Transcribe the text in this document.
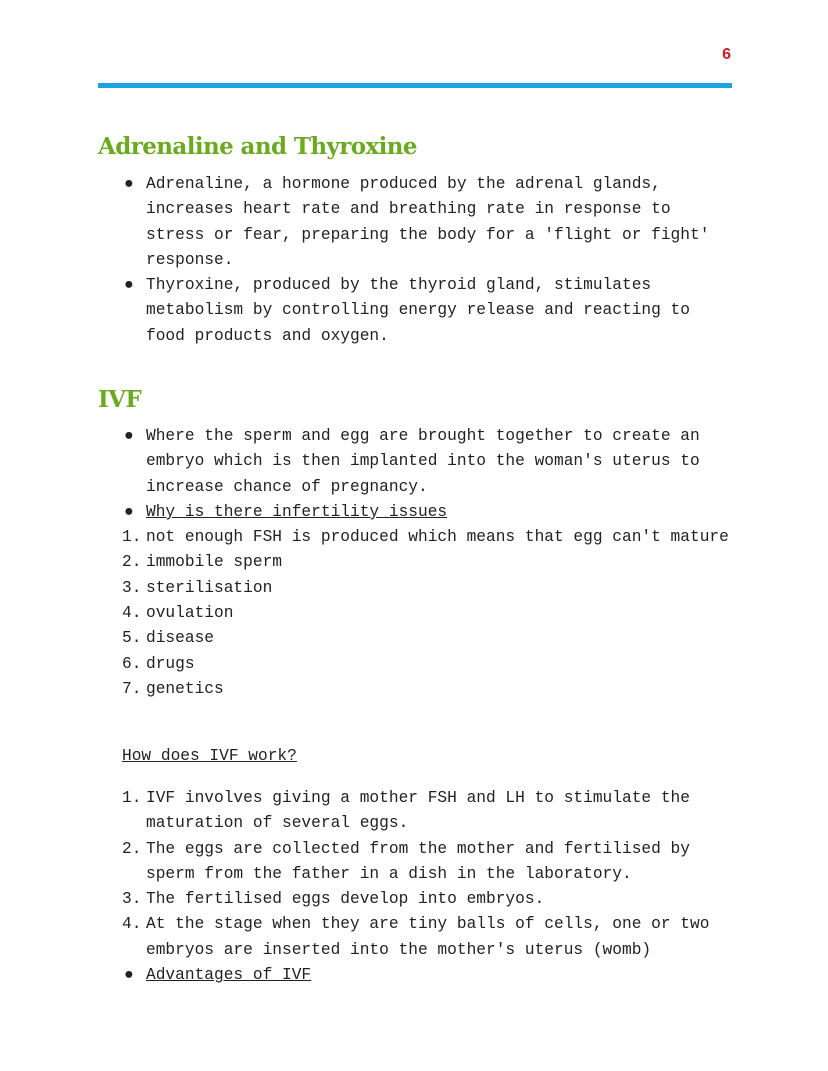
6
Adrenaline and Thyroxine
● Adrenaline, a hormone produced by the adrenal glands, increases heart rate and breathing rate in response to stress or fear, preparing the body for a 'flight or fight' response.
● Thyroxine, produced by the thyroid gland, stimulates metabolism by controlling energy release and reacting to food products and oxygen.
IVF
● Where the sperm and egg are brought together to create an embryo which is then implanted into the woman's uterus to increase chance of pregnancy.
● Why is there infertility issues
1. not enough FSH is produced which means that egg can't mature
2. immobile sperm
3. sterilisation
4. ovulation
5. disease
6. drugs
7. genetics
How does IVF work?
1. IVF involves giving a mother FSH and LH to stimulate the maturation of several eggs.
2. The eggs are collected from the mother and fertilised by sperm from the father in a dish in the laboratory.
3. The fertilised eggs develop into embryos.
4. At the stage when they are tiny balls of cells, one or two embryos are inserted into the mother's uterus (womb)
● Advantages of IVF
